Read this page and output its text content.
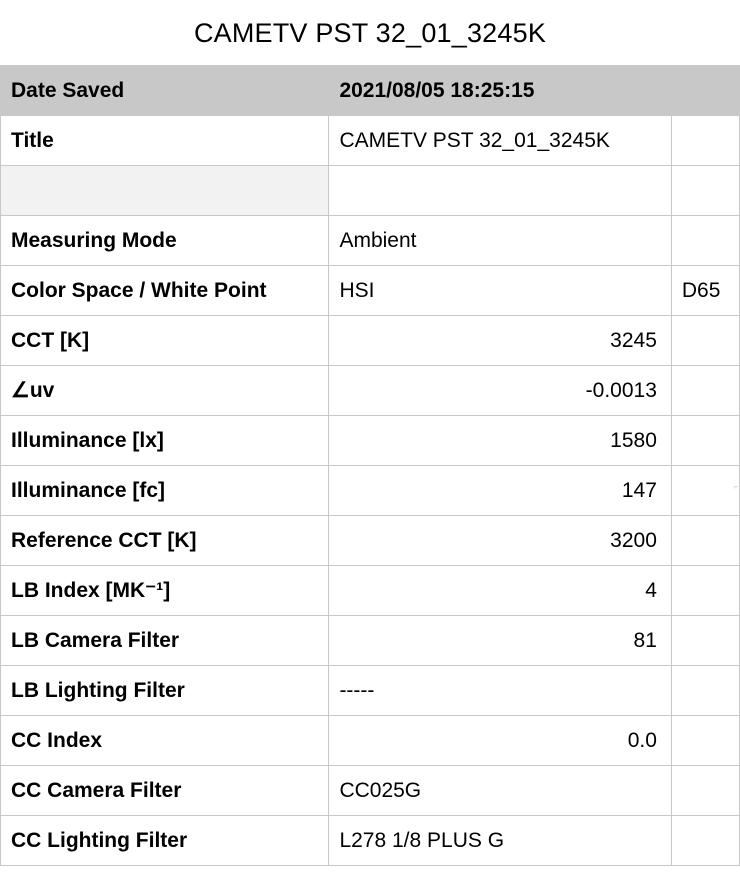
CAMETV PST 32_01_3245K
Date Saved	2021/08/05 18:25:15	

Title	CAMETV PST 32_01_3245K	

Measuring Mode	Ambient	

Color Space / White Point	HSI	D65
CCT [K]	3245	

∠uv	-0.0013	

Illuminance [lx]	1580	

Illuminance [fc]	147	

Reference CCT [K]	3200	

LB Index [MK⁻¹]	4	

LB Camera Filter	81	

LB Lighting Filter	-----	

CC Index	0.0	

CC Camera Filter	CC025G	

CC Lighting Filter	L278 1/8 PLUS G	

⌐
